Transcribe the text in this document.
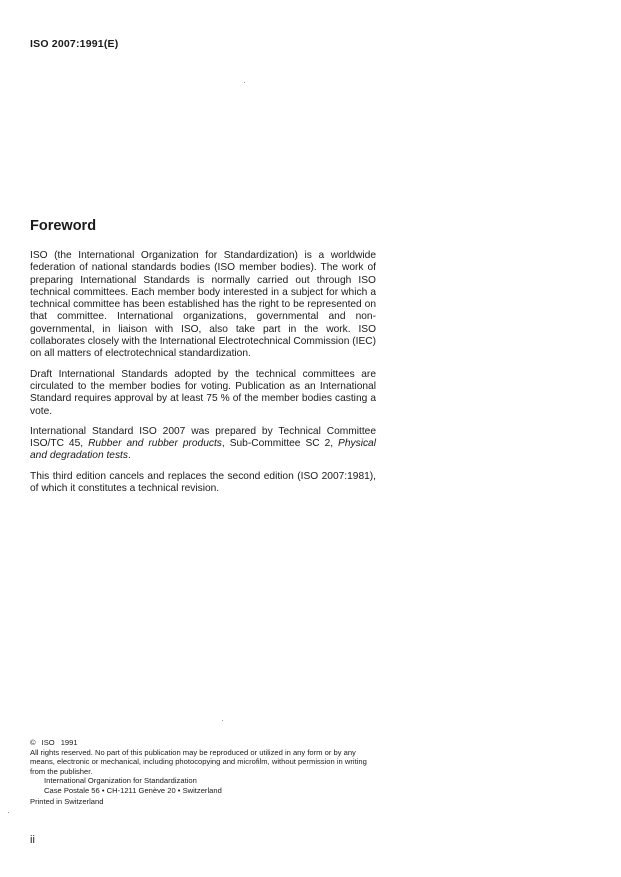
ISO 2007:1991(E)
Foreword

ISO (the International Organization for Standardization) is a worldwide federation of national standards bodies (ISO member bodies). The work of preparing International Standards is normally carried out through ISO technical committees. Each member body interested in a subject for which a technical committee has been established has the right to be represented on that committee. International organizations, governmental and non-governmental, in liaison with ISO, also take part in the work. ISO collaborates closely with the International Electrotechnical Commission (IEC) on all matters of electrotechnical standardization.

Draft International Standards adopted by the technical committees are circulated to the member bodies for voting. Publication as an International Standard requires approval by at least 75 % of the member bodies casting a vote.

International Standard ISO 2007 was prepared by Technical Committee ISO/TC 45, Rubber and rubber products, Sub-Committee SC 2, Physical and degradation tests.

This third edition cancels and replaces the second edition (ISO 2007:1981), of which it constitutes a technical revision.

© ISO 1991

All rights reserved. No part of this publication may be reproduced or utilized in any form or by any means, electronic or mechanical, including photocopying and microfilm, without permission in writing from the publisher.

International Organization for Standardization

Case Postale 56 • CH-1211 Genève 20 • Switzerland

Printed in Switzerland

ii
